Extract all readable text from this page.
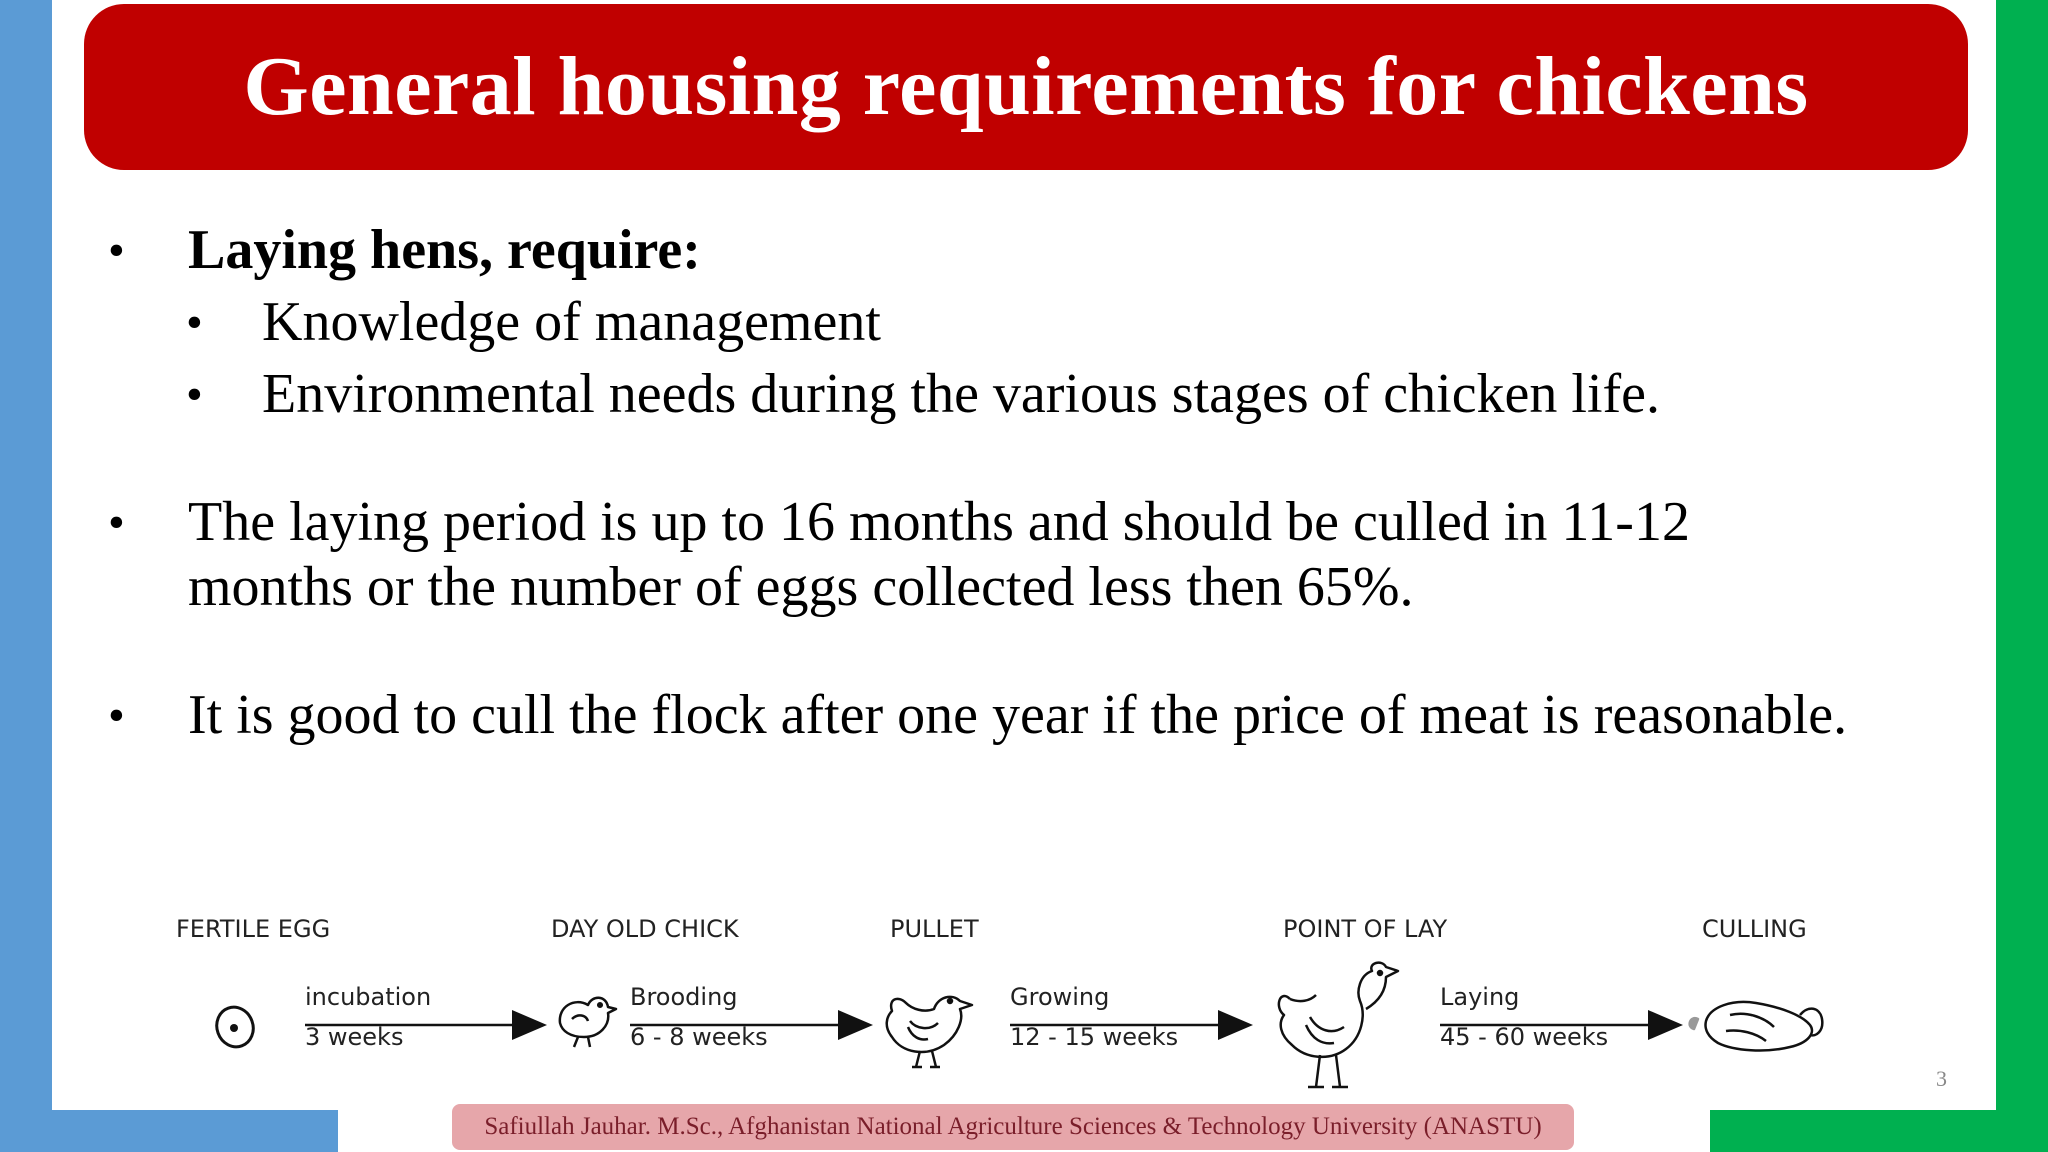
General housing requirements for chickens
• Laying hens, require:
• Knowledge of management
• Environmental needs during the various stages of chicken life.
• The laying period is up to 16 months and should be culled in 11-12 months or the number of eggs collected less then 65%.
• It is good to cull the flock after one year if the price of meat is reasonable.
FERTILE EGG	DAY OLD CHICK	PULLET	POINT OF LAY	CULLING
incubation
3 weeks
Brooding
6 - 8 weeks
Growing
12 - 15 weeks
Laying
45 - 60 weeks
3
Safiullah Jauhar. M.Sc., Afghanistan National Agriculture Sciences & Technology University (ANASTU)
